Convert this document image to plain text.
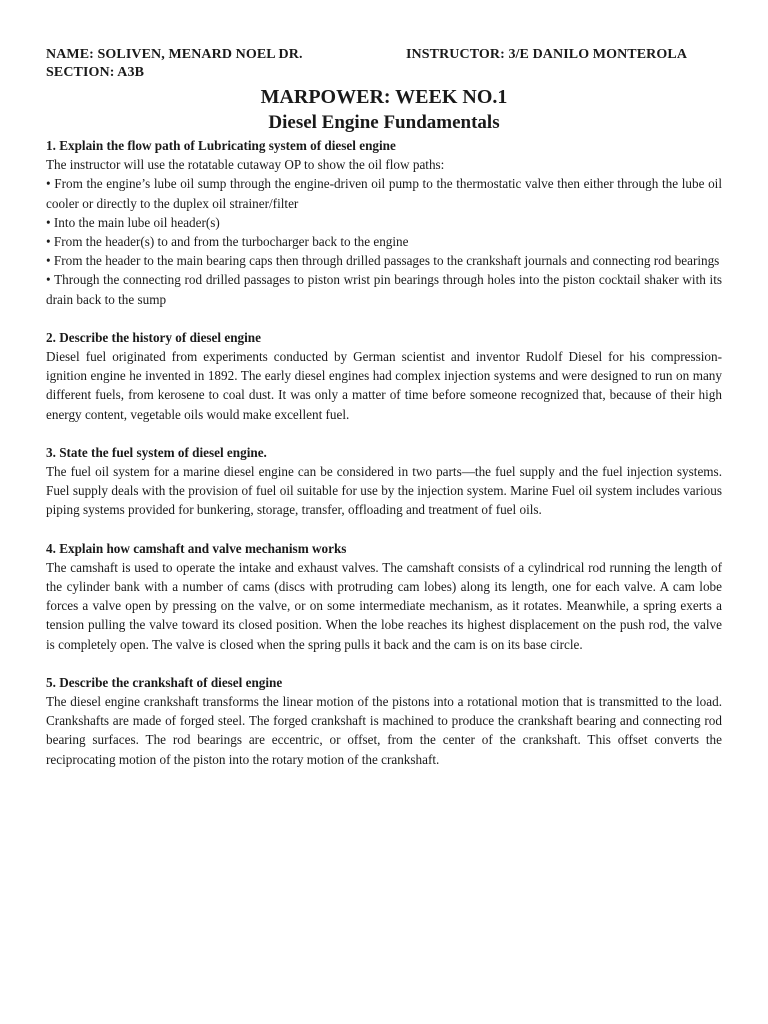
NAME: SOLIVEN, MENARD NOEL DR.
SECTION: A3B
INSTRUCTOR: 3/E DANILO MONTEROLA
MARPOWER: WEEK NO.1
Diesel Engine Fundamentals

1. Explain the flow path of Lubricating system of diesel engine

The instructor will use the rotatable cutaway OP to show the oil flow paths:

• From the engine’s lube oil sump through the engine-driven oil pump to the thermostatic valve then either through the lube oil cooler or directly to the duplex oil strainer/filter

• Into the main lube oil header(s)

• From the header(s) to and from the turbocharger back to the engine

• From the header to the main bearing caps then through drilled passages to the crankshaft journals and connecting rod bearings

• Through the connecting rod drilled passages to piston wrist pin bearings through holes into the piston cocktail shaker with its drain back to the sump

2. Describe the history of diesel engine

Diesel fuel originated from experiments conducted by German scientist and inventor Rudolf Diesel for his compression-ignition engine he invented in 1892. The early diesel engines had complex injection systems and were designed to run on many different fuels, from kerosene to coal dust. It was only a matter of time before someone recognized that, because of their high energy content, vegetable oils would make excellent fuel.

3. State the fuel system of diesel engine.

The fuel oil system for a marine diesel engine can be considered in two parts—the fuel supply and the fuel injection systems. Fuel supply deals with the provision of fuel oil suitable for use by the injection system. Marine Fuel oil system includes various piping systems provided for bunkering, storage, transfer, offloading and treatment of fuel oils.

4. Explain how camshaft and valve mechanism works

The camshaft is used to operate the intake and exhaust valves. The camshaft consists of a cylindrical rod running the length of the cylinder bank with a number of cams (discs with protruding cam lobes) along its length, one for each valve. A cam lobe forces a valve open by pressing on the valve, or on some intermediate mechanism, as it rotates. Meanwhile, a spring exerts a tension pulling the valve toward its closed position. When the lobe reaches its highest displacement on the push rod, the valve is completely open. The valve is closed when the spring pulls it back and the cam is on its base circle.

5. Describe the crankshaft of diesel engine

The diesel engine crankshaft transforms the linear motion of the pistons into a rotational motion that is transmitted to the load. Crankshafts are made of forged steel. The forged crankshaft is machined to produce the crankshaft bearing and connecting rod bearing surfaces. The rod bearings are eccentric, or offset, from the center of the crankshaft. This offset converts the reciprocating motion of the piston into the rotary motion of the crankshaft.
